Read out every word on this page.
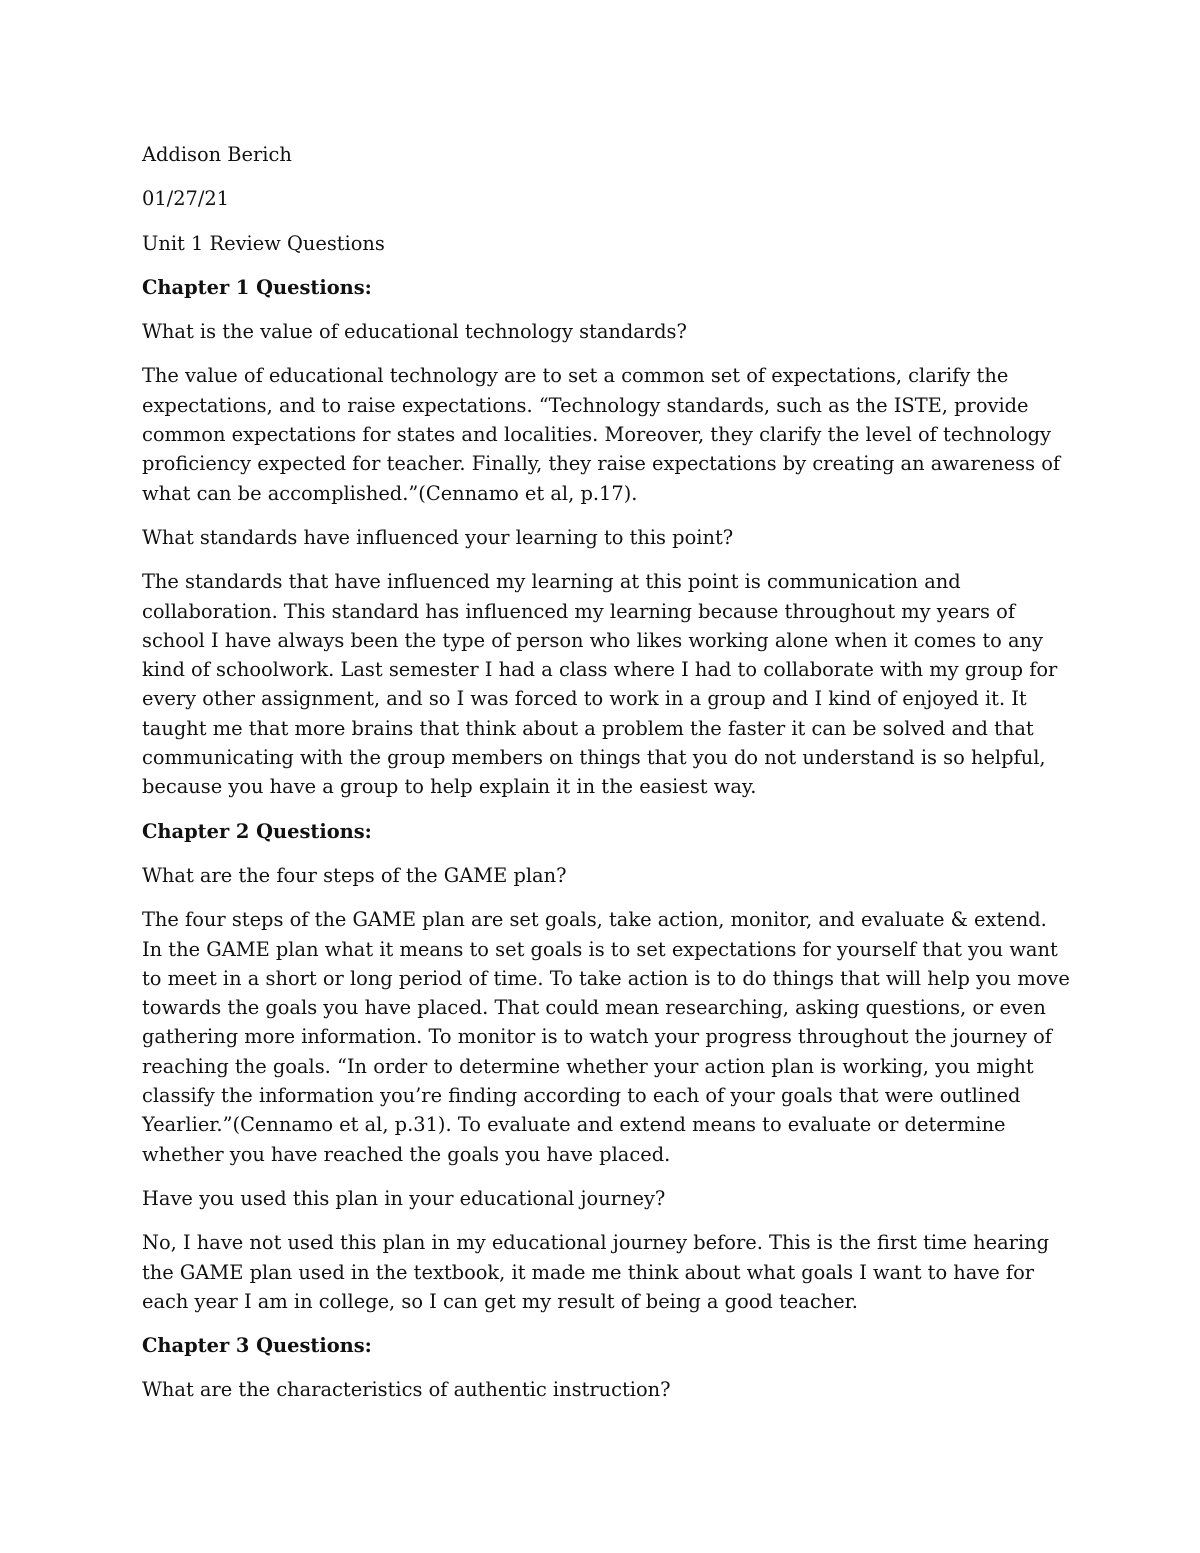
Addison Berich

01/27/21

Unit 1 Review Questions

Chapter 1 Questions:

What is the value of educational technology standards?

The value of educational technology are to set a common set of expectations, clarify the expectations, and to raise expectations. “Technology standards, such as the ISTE, provide common expectations for states and localities. Moreover, they clarify the level of technology proficiency expected for teacher. Finally, they raise expectations by creating an awareness of what can be accomplished.”(Cennamo et al, p.17).

What standards have influenced your learning to this point?

The standards that have influenced my learning at this point is communication and collaboration. This standard has influenced my learning because throughout my years of school I have always been the type of person who likes working alone when it comes to any kind of schoolwork. Last semester I had a class where I had to collaborate with my group for every other assignment, and so I was forced to work in a group and I kind of enjoyed it. It taught me that more brains that think about a problem the faster it can be solved and that communicating with the group members on things that you do not understand is so helpful, because you have a group to help explain it in the easiest way.

Chapter 2 Questions:

What are the four steps of the GAME plan?

The four steps of the GAME plan are set goals, take action, monitor, and evaluate & extend. In the GAME plan what it means to set goals is to set expectations for yourself that you want to meet in a short or long period of time. To take action is to do things that will help you move towards the goals you have placed. That could mean researching, asking questions, or even gathering more information. To monitor is to watch your progress throughout the journey of reaching the goals. “In order to determine whether your action plan is working, you might classify the information you’re finding according to each of your goals that were outlined Yearlier.”(Cennamo et al, p.31). To evaluate and extend means to evaluate or determine whether you have reached the goals you have placed.

Have you used this plan in your educational journey?

No, I have not used this plan in my educational journey before. This is the first time hearing the GAME plan used in the textbook, it made me think about what goals I want to have for each year I am in college, so I can get my result of being a good teacher.

Chapter 3 Questions:

What are the characteristics of authentic instruction?
